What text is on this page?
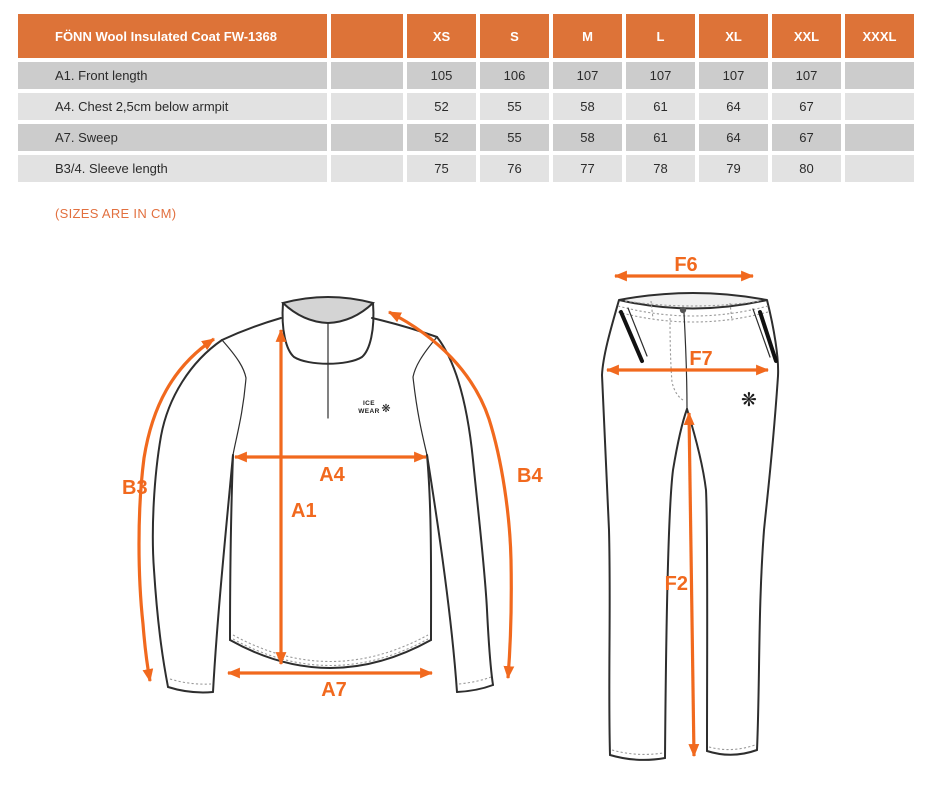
FÖNN Wool Insulated Coat FW-1368		XS	S	M	L	XL	XXL	XXXL
A1. Front length		105	106	107	107	107	107	
A4. Chest 2,5cm below armpit		52	55	58	61	64	67	
A7. Sweep		52	55	58	61	64	67	
B3/4. Sleeve length		75	76	77	78	79	80	
(SIZES ARE IN CM)
ICE
WEAR ❋
B3
B4
A4
A1
A7
❋
F6
F7
F2
